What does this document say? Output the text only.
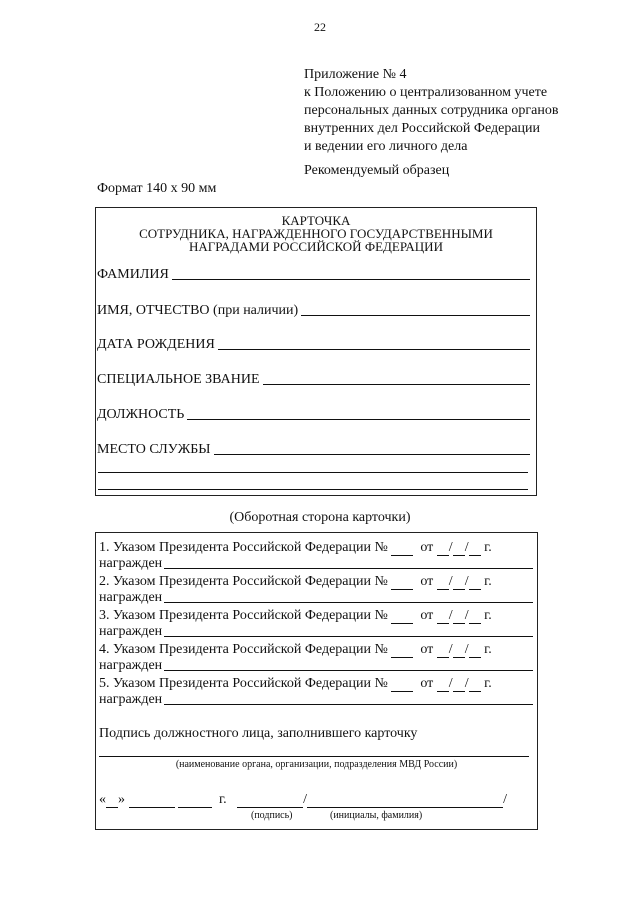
22
Приложение № 4
к Положению о централизованном учете
персональных данных сотрудника органов
внутренних дел Российской Федерации
и ведении его личного дела
Рекомендуемый образец
Формат 140 х 90 мм
КАРТОЧКА
СОТРУДНИКА, НАГРАЖДЕННОГО ГОСУДАРСТВЕННЫМИ
НАГРАДАМИ РОССИЙСКОЙ ФЕДЕРАЦИИ
ФАМИЛИЯ
ИМЯ, ОТЧЕСТВО (при наличии)
ДАТА РОЖДЕНИЯ
СПЕЦИАЛЬНОЕ ЗВАНИЕ
ДОЛЖНОСТЬ
МЕСТО СЛУЖБЫ
(Оборотная сторона карточки)
1.
Указом Президента Российской Федерации №

от
/ /
г.
награжден
2.
Указом Президента Российской Федерации №

от
/ /
г.
награжден
3.
Указом Президента Российской Федерации №

от
/ /
г.
награжден
4.
Указом Президента Российской Федерации №

от
/ /
г.
награжден
5.
Указом Президента Российской Федерации №

от
/ /
г.
награжден
Подпись должностного лица, заполнившего карточку
(наименование органа, организации, подразделения МВД России)
« »

	г.
	/	/
(подпись)	(инициалы, фамилия)
